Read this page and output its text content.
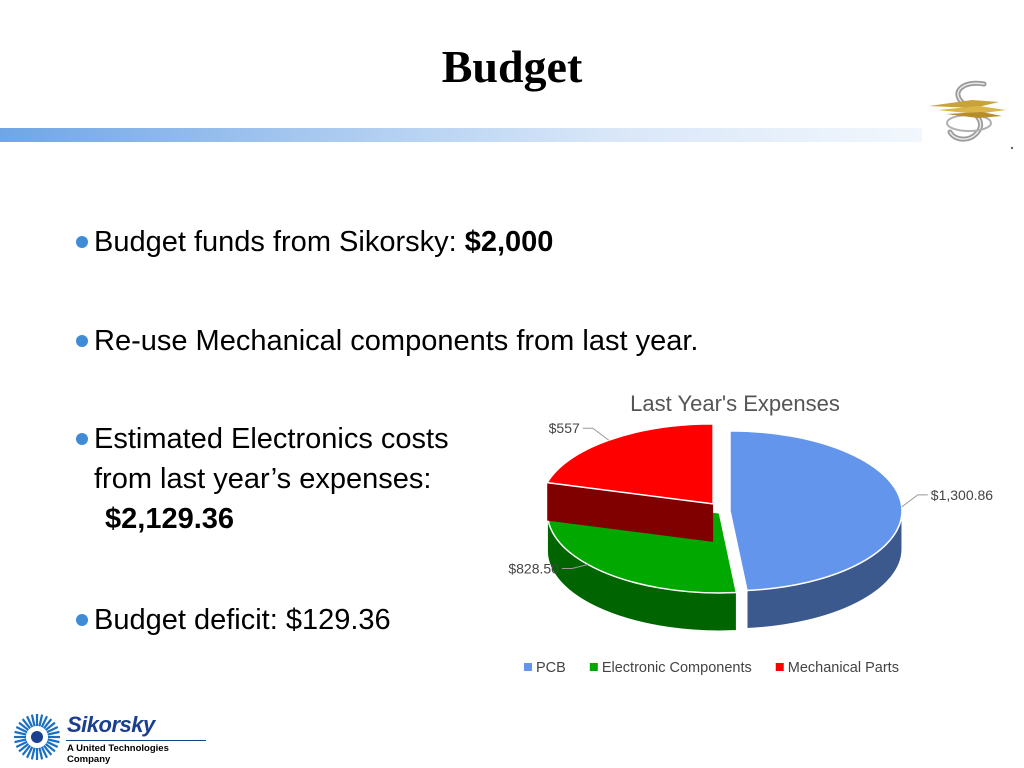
Budget
Budget funds from Sikorsky: $2,000
Re-use Mechanical components from last year.
Estimated Electronics costs
from last year’s expenses:
$2,129.36
Budget deficit: $129.36
Last Year's Expenses
$1,300.86
$828.50
$557
PCB Electronic Components Mechanical Parts
Sikorsky
A United Technologies Company
